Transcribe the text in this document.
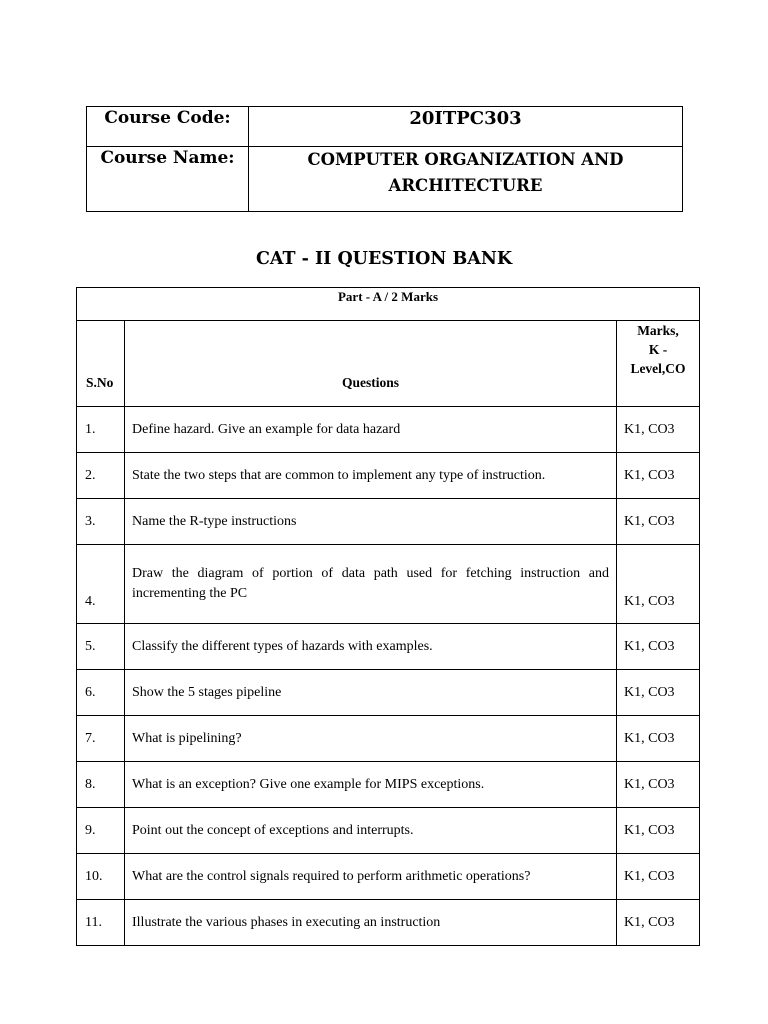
Course Code:	20ITPC303
Course Name:	COMPUTER ORGANIZATION AND
ARCHITECTURE
CAT - II QUESTION BANK
Part - A / 2 Marks		
S.No	Questions	Marks,
K -
Level,CO
1.	Define hazard. Give an example for data hazard	K1, CO3
2.	State the two steps that are common to implement any type of instruction.	K1, CO3
3.	Name the R-type instructions	K1, CO3
4.	Draw the diagram of portion of data path used for fetching instruction and incrementing the PC	K1, CO3
5.	Classify the different types of hazards with examples.	K1, CO3
6.	Show the 5 stages pipeline	K1, CO3
7.	What is pipelining?	K1, CO3
8.	What is an exception? Give one example for MIPS exceptions.	K1, CO3
9.	Point out the concept of exceptions and interrupts.	K1, CO3
10.	What are the control signals required to perform arithmetic operations?	K1, CO3
11.	Illustrate the various phases in executing an instruction	K1, CO3
